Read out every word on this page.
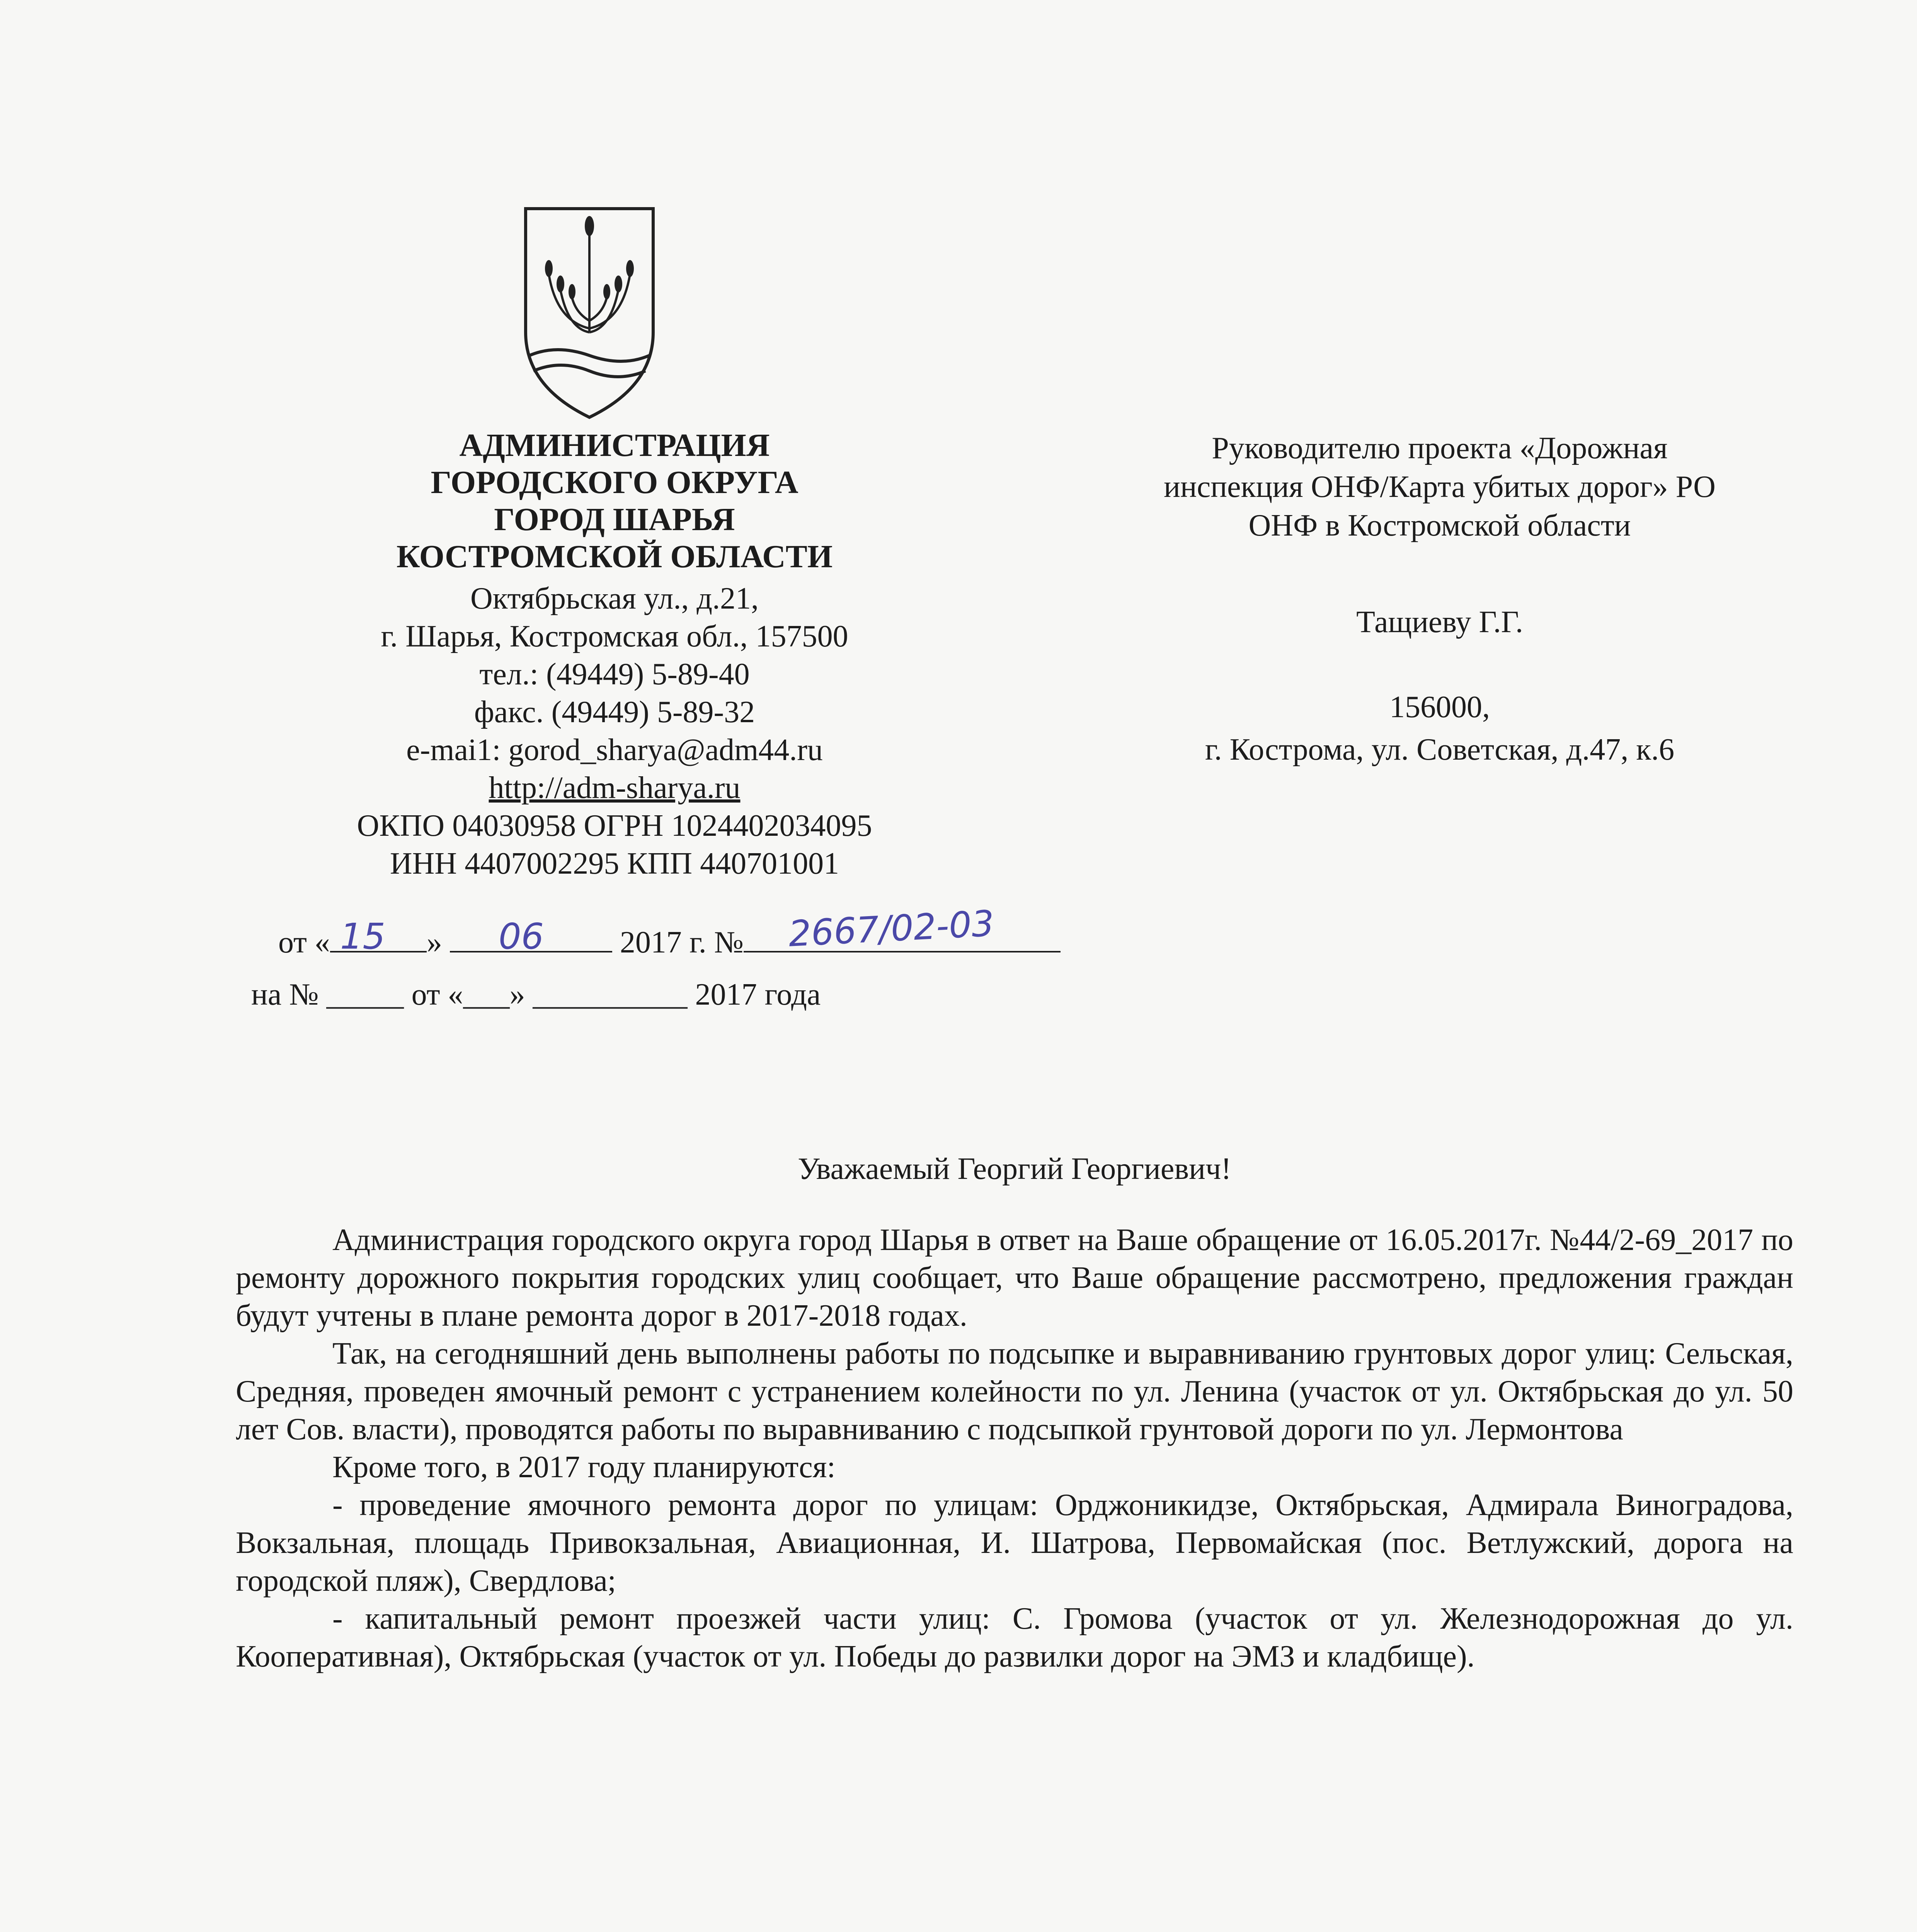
АДМИНИСТРАЦИЯ
ГОРОДСКОГО ОКРУГА
ГОРОД ШАРЬЯ
КОСТРОМСКОЙ ОБЛАСТИ
Октябрьская ул., д.21,
г. Шарья, Костромская обл., 157500
тел.: (49449) 5-89-40
факс. (49449) 5-89-32
e-mai1: gorod_sharya@adm44.ru
http://adm-sharya.ru
ОКПО 04030958 ОГРН 1024402034095
ИНН 4407002295 КПП 440701001
от «	»	2017 г. №
15	06	2667/02-03
на № _____ от «___» __________ 2017 года
Руководителю проекта «Дорожная
инспекция ОНФ/Карта убитых дорог» РО
ОНФ в Костромской области
Тащиеву Г.Г.
156000,
г. Кострома, ул. Советская, д.47, к.6
Уважаемый Георгий Георгиевич!

Администрация городского округа город Шарья в ответ на Ваше обращение от 16.05.2017г. №44/2-69_2017 по ремонту дорожного покрытия городских улиц сообщает, что Ваше обращение рассмотрено, предложения граждан будут учтены в плане ремонта дорог в 2017-2018 годах.

Так, на сегодняшний день выполнены работы по подсыпке и выравниванию грунтовых дорог улиц: Сельская, Средняя, проведен ямочный ремонт с устранением колейности по ул. Ленина (участок от ул. Октябрьская до ул. 50 лет Сов. власти), проводятся работы по выравниванию с подсыпкой грунтовой дороги по ул. Лермонтова

Кроме того, в 2017 году планируются:

- проведение ямочного ремонта дорог по улицам: Орджоникидзе, Октябрьская, Адмирала Виноградова, Вокзальная, площадь Привокзальная, Авиационная, И. Шатрова, Первомайская (пос. Ветлужский, дорога на городской пляж), Свердлова;

- капитальный ремонт проезжей части улиц: С. Громова (участок от ул. Железнодорожная до ул. Кооперативная), Октябрьская (участок от ул. Победы до развилки дорог на ЭМЗ и кладбище).
